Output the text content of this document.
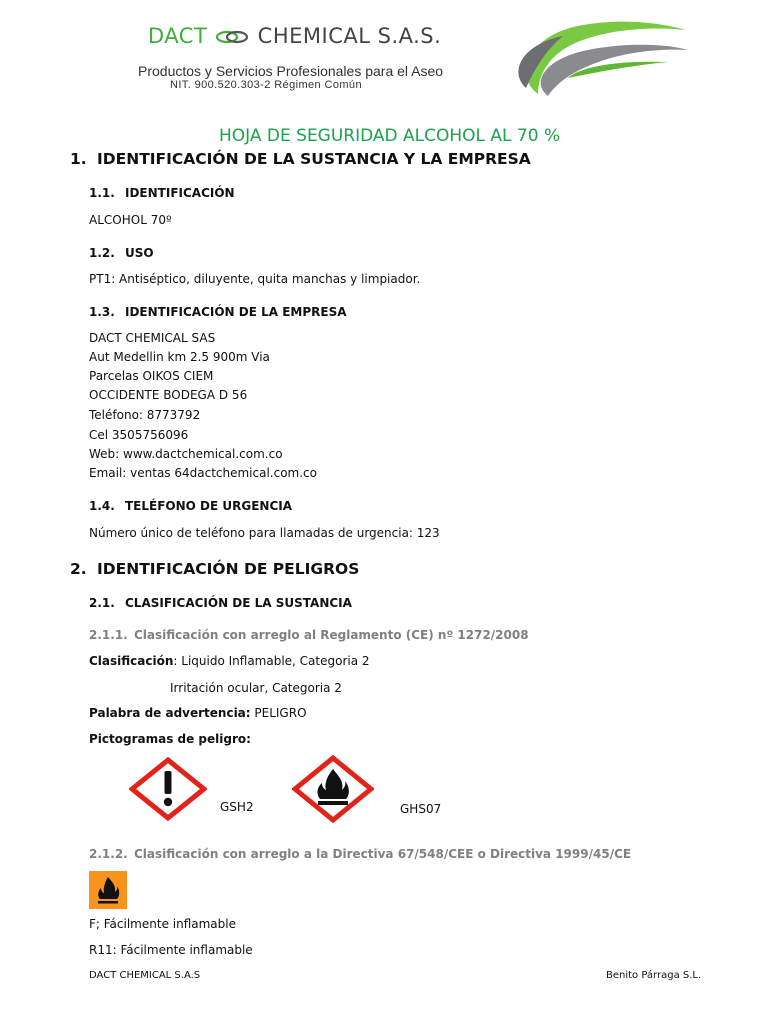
DACT CHEMICAL S.A.S.
Productos y Servicios Profesionales para el Aseo
NIT. 900.520.303-2 Régimen Común
HOJA DE SEGURIDAD ALCOHOL AL 70 %
1. IDENTIFICACIÓN DE LA SUSTANCIA Y LA EMPRESA
1.1. IDENTIFICACIÓN
ALCOHOL 70º
1.2. USO
PT1: Antiséptico, diluyente, quita manchas y limpiador.
1.3. IDENTIFICACIÓN DE LA EMPRESA
DACT CHEMICAL SAS
Aut Medellin km 2.5 900m Via
Parcelas OIKOS CIEM
OCCIDENTE BODEGA D 56
Teléfono: 8773792
Cel 3505756096
Web: www.dactchemical.com.co
Email: ventas 64dactchemical.com.co
1.4. TELÉFONO DE URGENCIA
Número único de teléfono para llamadas de urgencia: 123
2. IDENTIFICACIÓN DE PELIGROS
2.1. CLASIFICACIÓN DE LA SUSTANCIA
2.1.1. Clasificación con arreglo al Reglamento (CE) nº 1272/2008
Clasificación: Liquido Inflamable, Categoria 2
Irritación ocular, Categoria 2
Palabra de advertencia: PELIGRO
Pictogramas de peligro:
GSH2	GHS07
2.1.2. Clasificación con arreglo a la Directiva 67/548/CEE o Directiva 1999/45/CE
F; Fácilmente inflamable
R11: Fácilmente inflamable
DACT CHEMICAL S.A.S	Benito Párraga S.L.
